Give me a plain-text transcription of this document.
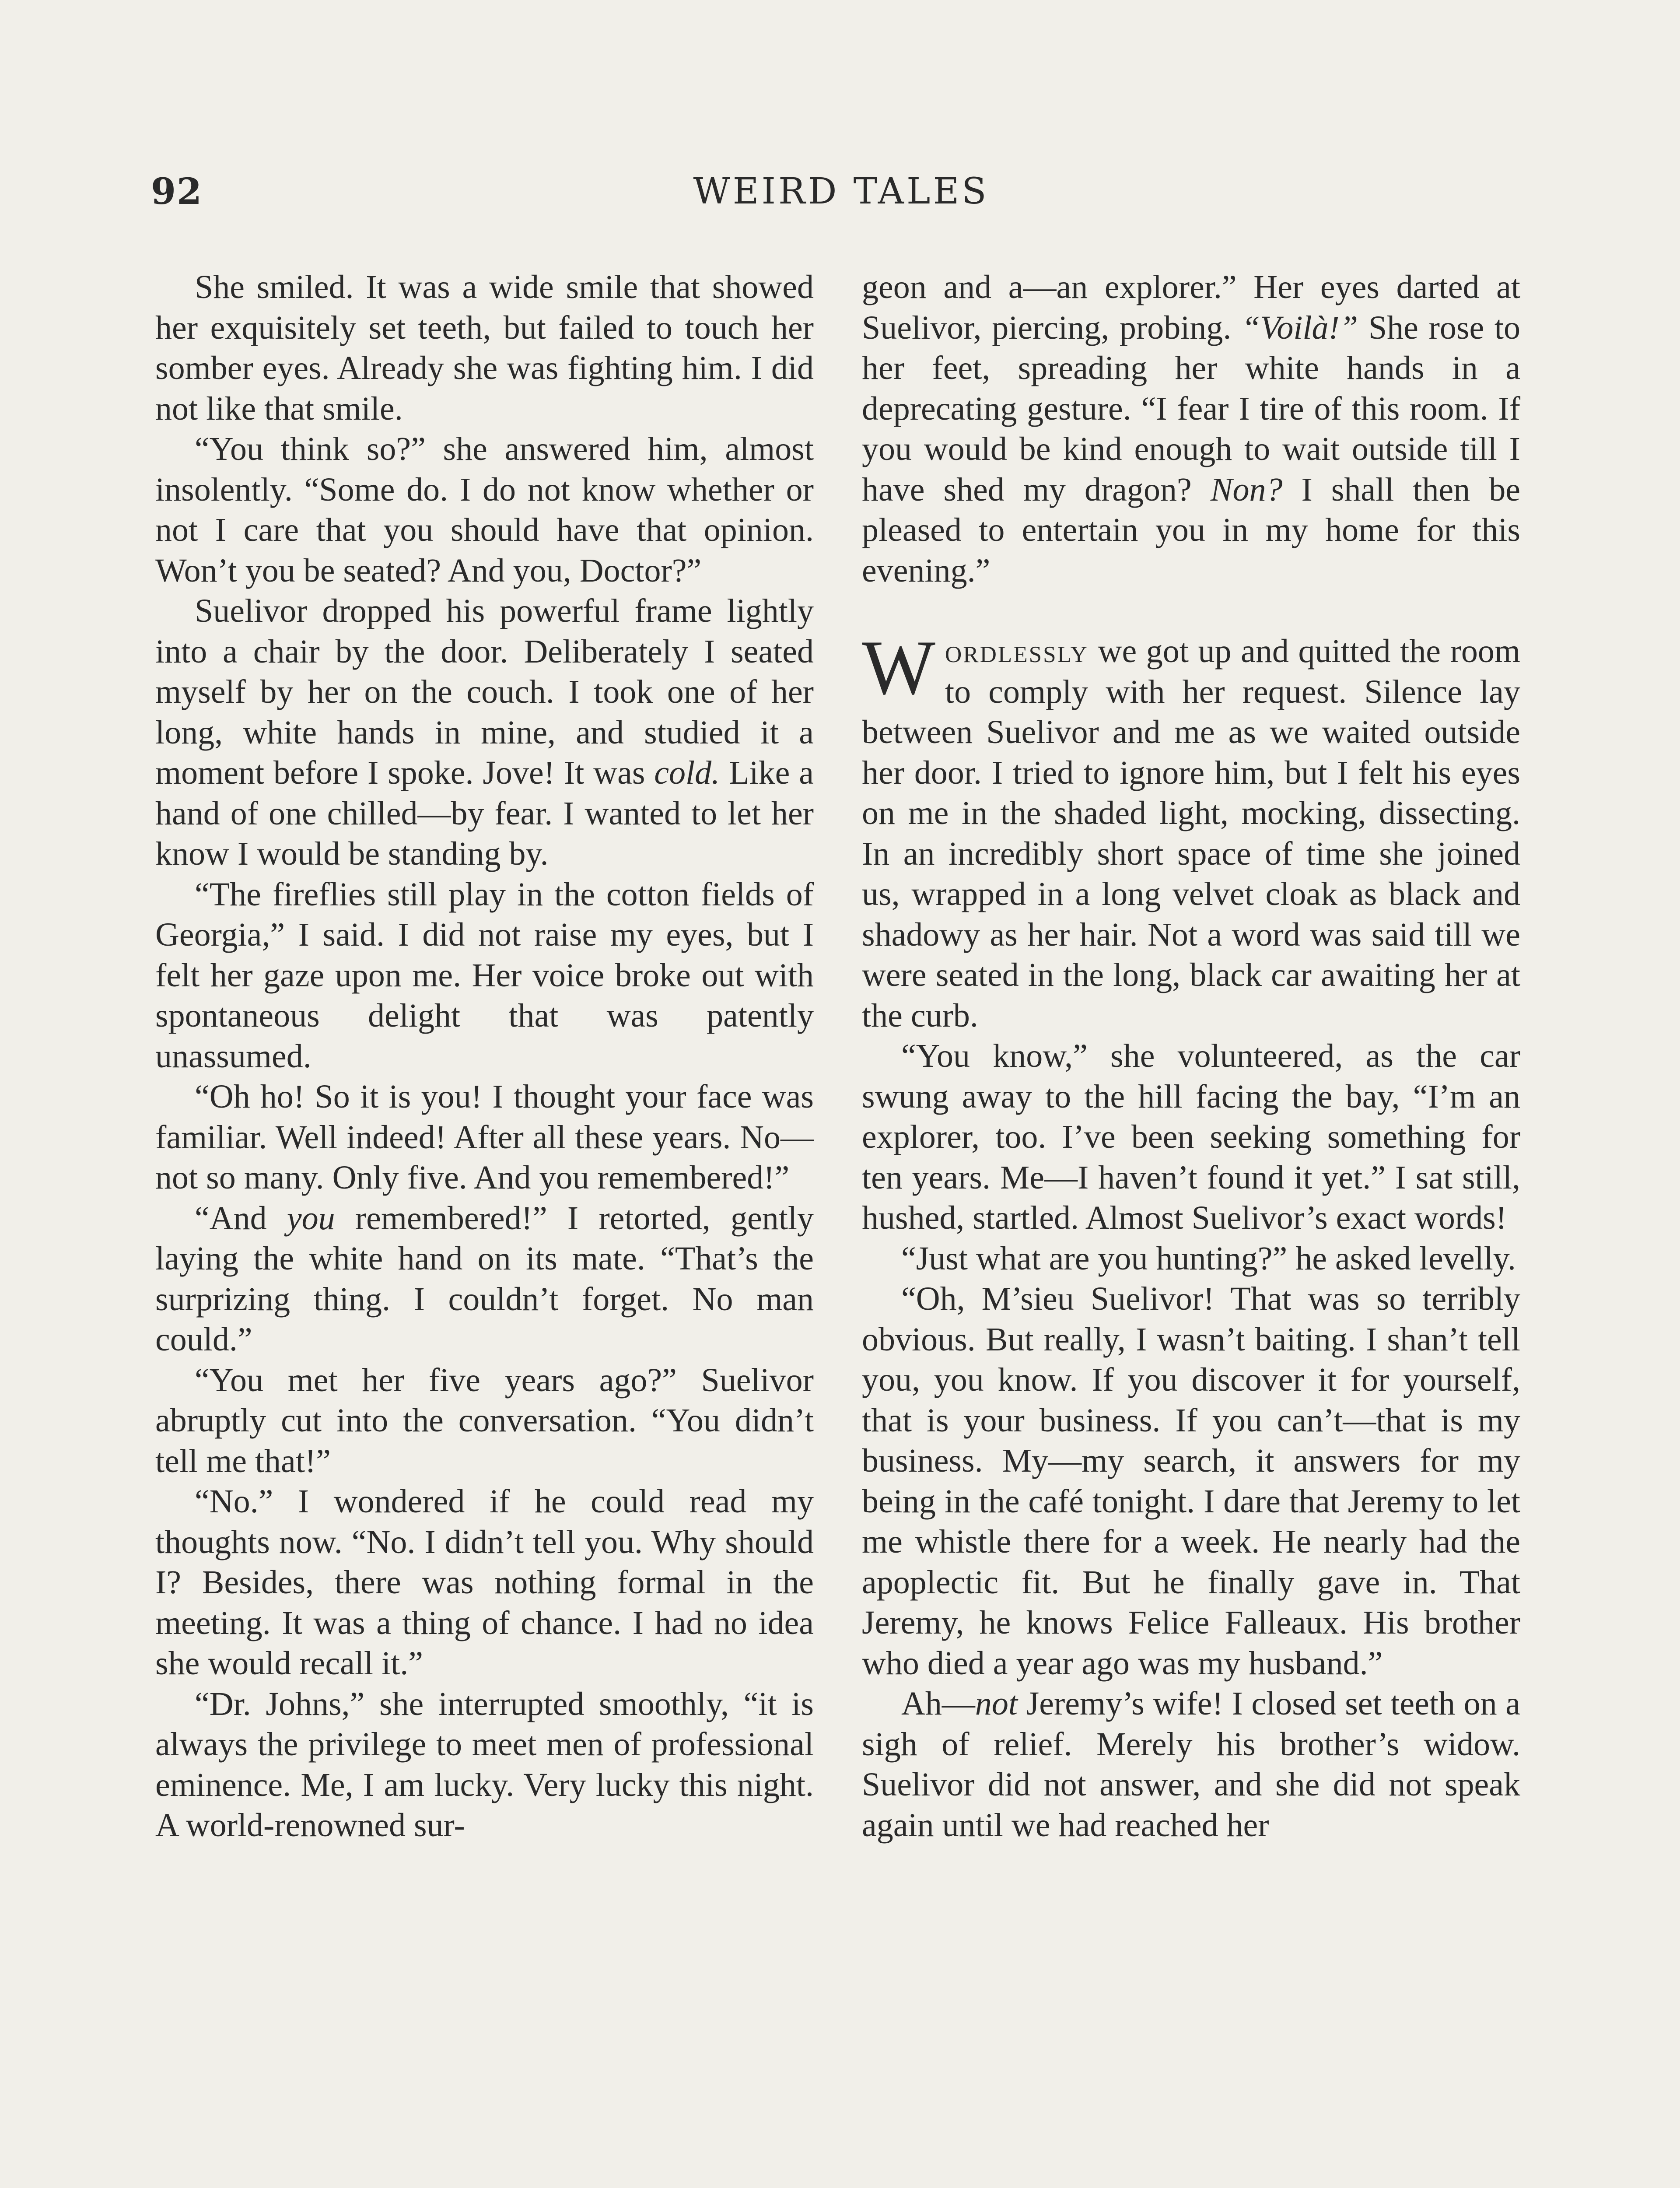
92	WEIRD TALES

She smiled. It was a wide smile that showed her exquisitely set teeth, but failed to touch her somber eyes. Already she was fighting him. I did not like that smile.

“You think so?” she answered him, almost insolently. “Some do. I do not know whether or not I care that you should have that opinion. Won’t you be seated? And you, Doctor?”

Suelivor dropped his powerful frame lightly into a chair by the door. Deliberately I seated myself by her on the couch. I took one of her long, white hands in mine, and studied it a moment before I spoke. Jove! It was cold. Like a hand of one chilled—by fear. I wanted to let her know I would be standing by.

“The fireflies still play in the cotton fields of Georgia,” I said. I did not raise my eyes, but I felt her gaze upon me. Her voice broke out with spontaneous delight that was patently unassumed.

“Oh ho! So it is you! I thought your face was familiar. Well indeed! After all these years. No—not so many. Only five. And you remembered!”

“And you remembered!” I retorted, gently laying the white hand on its mate. “That’s the surprizing thing. I couldn’t forget. No man could.”

“You met her five years ago?” Suelivor abruptly cut into the conversation. “You didn’t tell me that!”

“No.” I wondered if he could read my thoughts now. “No. I didn’t tell you. Why should I? Besides, there was nothing formal in the meeting. It was a thing of chance. I had no idea she would recall it.”

“Dr. Johns,” she interrupted smoothly, “it is always the privilege to meet men of professional eminence. Me, I am lucky. Very lucky this night. A world-renowned sur-

geon and a—an explorer.” Her eyes darted at Suelivor, piercing, probing. “Voilà!” She rose to her feet, spreading her white hands in a deprecating gesture. “I fear I tire of this room. If you would be kind enough to wait outside till I have shed my dragon? Non? I shall then be pleased to entertain you in my home for this evening.”

Wordlessly we got up and quitted the room to comply with her request. Silence lay between Suelivor and me as we waited outside her door. I tried to ignore him, but I felt his eyes on me in the shaded light, mocking, dissecting. In an incredibly short space of time she joined us, wrapped in a long velvet cloak as black and shadowy as her hair. Not a word was said till we were seated in the long, black car awaiting her at the curb.

“You know,” she volunteered, as the car swung away to the hill facing the bay, “I’m an explorer, too. I’ve been seeking something for ten years. Me—I haven’t found it yet.” I sat still, hushed, startled. Almost Suelivor’s exact words!

“Just what are you hunting?” he asked levelly.

“Oh, M’sieu Suelivor! That was so terribly obvious. But really, I wasn’t baiting. I shan’t tell you, you know. If you discover it for yourself, that is your business. If you can’t—that is my business. My—my search, it answers for my being in the café tonight. I dare that Jeremy to let me whistle there for a week. He nearly had the apoplectic fit. But he finally gave in. That Jeremy, he knows Felice Falleaux. His brother who died a year ago was my husband.”

Ah—not Jeremy’s wife! I closed set teeth on a sigh of relief. Merely his brother’s widow. Suelivor did not answer, and she did not speak again until we had reached her
